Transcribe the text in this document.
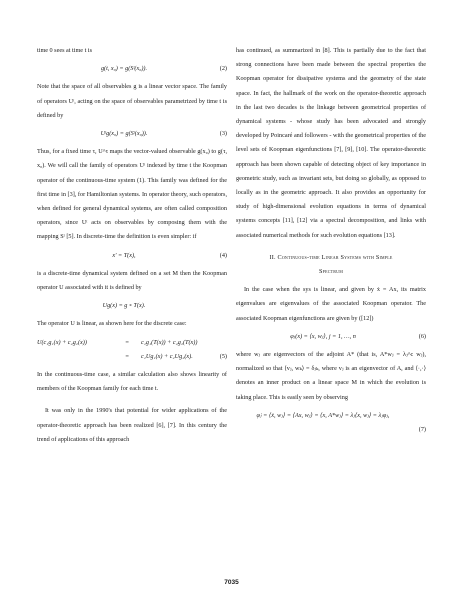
time 0 sees at time t is

g(t, x₀) = g(Sᵗ(x₀)).	(2)

Note that the space of all observables g is a linear vector space. The family of operators Uᵗ, acting on the space of observables parametrized by time t is defined by

Uᵗg(x₀) = g(Sᵗ(x₀)).	(3)

Thus, for a fixed time τ, U^τ maps the vector-valued observable g(x₀) to g(τ, x₀). We will call the family of operators Uᵗ indexed by time t the Koopman operator of the continuous-time system (1). This family was defined for the first time in [3], for Hamiltonian systems. In operator theory, such operators, when defined for general dynamical systems, are often called composition operators, since Uᵗ acts on observables by composing them with the mapping Sᵗ [5]. In discrete-time the definition is even simpler: if

x′ = T(x),	(4)

is a discrete-time dynamical system defined on a set M then the Koopman operator U associated with it is defined by

Ug(x) = g ∘ T(x).

The operator U is linear, as shown here for the discrete case:

U(c₁g₁(x) + c₂g₂(x))	= c₁g₁(T(x)) + c₂g₂(T(x))
= c₁Ug₁(x) + c₂Ug₂(x).	(5)

In the continuous-time case, a similar calculation also shows linearity of members of the Koopman family for each time t.

It was only in the 1990's that potential for wider applications of the operator-theoretic approach has been realized [6], [7]. In this century the trend of applications of this approach

has continued, as summarized in [8]. This is partially due to the fact that strong connections have been made between the spectral properties the Koopman operator for dissipative systems and the geometry of the state space. In fact, the hallmark of the work on the operator-theoretic approach in the last two decades is the linkage between geometrical properties of dynamical systems - whose study has been advocated and strongly developed by Poincaré and followers - with the geometrical properties of the level sets of Koopman eigenfunctions [7], [9], [10]. The operator-theoretic approach has been shown capable of detecting object of key importance in geometric study, such as invariant sets, but doing so globally, as opposed to locally as in the geometric approach. It also provides an opportunity for study of high-dimensional evolution equations in terms of dynamical systems concepts [11], [12] via a spectral decomposition, and links with associated numerical methods for such evolution equations [13].

II. Continuous-time Linear Systems with Simple
Spectrum

In the case when the sys is linear, and given by ẋ = Ax, its matrix eigenvalues are eigenvalues of the associated Koopman operator. The associated Koopman eigenfunctions are given by ([12])

φⱼ(x) = ⟨x, wⱼ⟩, j = 1, …, n	(6)

where wⱼ are eigenvectors of the adjoint A* (that is, A*wⱼ = λⱼ^c wⱼ), normalized so that ⟨vⱼ, wₖ⟩ = δⱼₖ, where vⱼ is an eigenvector of A, and ⟨·,·⟩ denotes an inner product on a linear space M in which the evolution is taking place. This is easily seen by observing

φ̇ⱼ = ⟨ẋ, wⱼ⟩ = ⟨Ax, wⱼ⟩ = ⟨x, A*wⱼ⟩ = λⱼ⟨x, wⱼ⟩ = λⱼφⱼ,
(7)
7035
